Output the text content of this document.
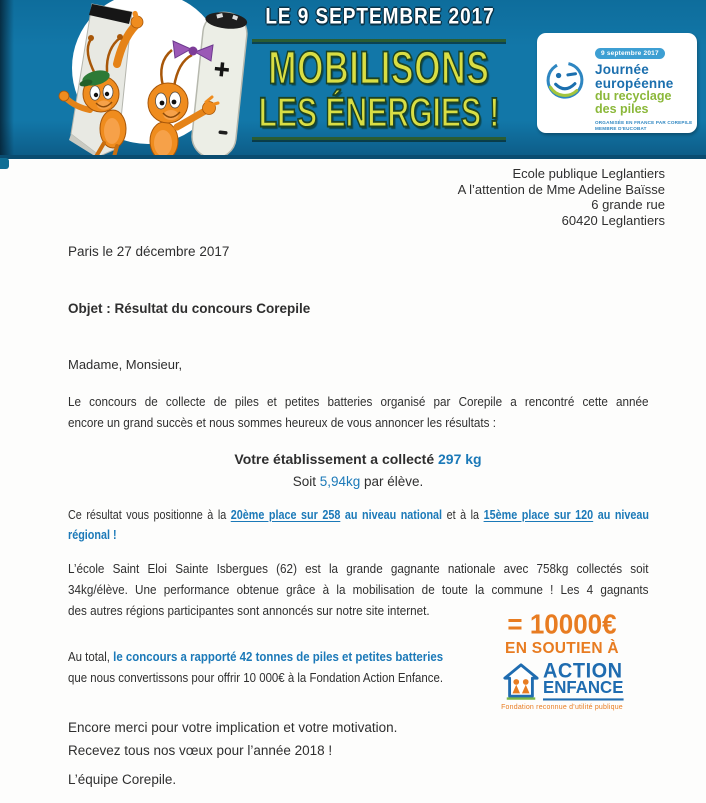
LE 9 SEPTEMBRE 2017
MOBILISONS
LES ÉNERGIES !
9 septembre 2017
Journée
européenne
du recyclage
des piles
ORGANISÉE EN FRANCE PAR COREPILE
MEMBRE D'EUCOBAT
Ecole publique Leglantiers
A l’attention de Mme Adeline Baïsse
6 grande rue
60420 Leglantiers
Paris le 27 décembre 2017
Objet : Résultat du concours Corepile
Madame, Monsieur,
Le concours de collecte de piles et petites batteries organisé par Corepile a rencontré cette année
encore un grand succès et nous sommes heureux de vous annoncer les résultats :
Votre établissement a collecté 297 kg
Soit 5,94kg par élève.
Ce résultat vous positionne à la 20ème place sur 258 au niveau national et à la 15ème place sur 120 au niveau
régional !
L’école Saint Eloi Sainte Isbergues (62) est la grande gagnante nationale avec 758kg collectés soit
34kg/élève. Une performance obtenue grâce à la mobilisation de toute la commune ! Les 4 gagnants
des autres régions participantes sont annoncés sur notre site internet.
Au total, le concours a rapporté 42 tonnes de piles et petites batteries
que nous convertissons pour offrir 10 000€ à la Fondation Action Enfance.
Encore merci pour votre implication et votre motivation.
Recevez tous nos vœux pour l’année 2018 !
L’équipe Corepile.
= 10000€
EN SOUTIEN À
ACTION
ENFANCE
Fondation reconnue d’utilité publique
